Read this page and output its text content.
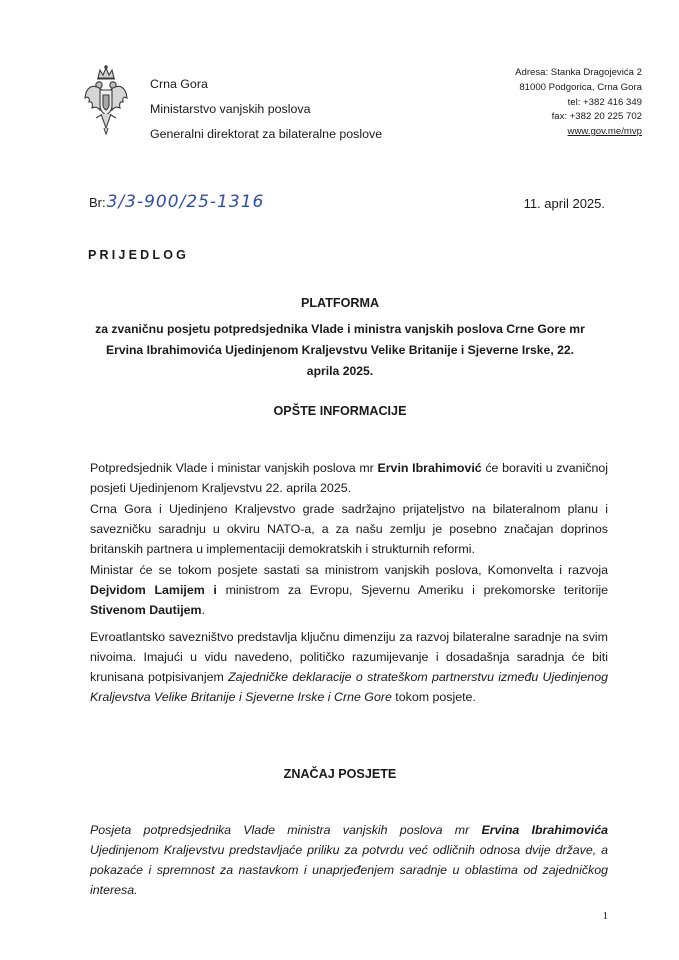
Crna Gora
Ministarstvo vanjskih poslova
Generalni direktorat za bilateralne poslove
Adresa: Stanka Dragojevića 2
81000 Podgorica, Crna Gora
tel: +382 416 349
fax: +382 20 225 702
www.gov.me/mvp
Br: 3/3-900/25-1316	11. april 2025.
PRIJEDLOG
PLATFORMA
za zvaničnu posjetu potpredsjednika Vlade i ministra vanjskih poslova Crne Gore mr Ervina Ibrahimovića Ujedinjenom Kraljevstvu Velike Britanije i Sjeverne Irske, 22. aprila 2025.
OPŠTE INFORMACIJE

Potpredsjednik Vlade i ministar vanjskih poslova mr Ervin Ibrahimović će boraviti u zvaničnoj posjeti Ujedinjenom Kraljevstvu 22. aprila 2025.

Crna Gora i Ujedinjeno Kraljevstvo grade sadržajno prijateljstvo na bilateralnom planu i savezničku saradnju u okviru NATO-a, a za našu zemlju je posebno značajan doprinos britanskih partnera u implementaciji demokratskih i strukturnih reformi.

Ministar će se tokom posjete sastati sa ministrom vanjskih poslova, Komonvelta i razvoja Dejvidom Lamijem i ministrom za Evropu, Sjevernu Ameriku i prekomorske teritorije Stivenom Dautijem.

Evroatlantsko savezništvo predstavlja ključnu dimenziju za razvoj bilateralne saradnje na svim nivoima. Imajući u vidu navedeno, političko razumijevanje i dosadašnja saradnja će biti krunisana potpisivanjem Zajedničke deklaracije o strateškom partnerstvu između Ujedinjenog Kraljevstva Velike Britanije i Sjeverne Irske i Crne Gore tokom posjete.

ZNAČAJ POSJETE

Posjeta potpredsjednika Vlade ministra vanjskih poslova mr Ervina Ibrahimovića Ujedinjenom Kraljevstvu predstavljaće priliku za potvrdu već odličnih odnosa dvije države, a pokazaće i spremnost za nastavkom i unaprjeđenjem saradnje u oblastima od zajedničkog interesa.

1
